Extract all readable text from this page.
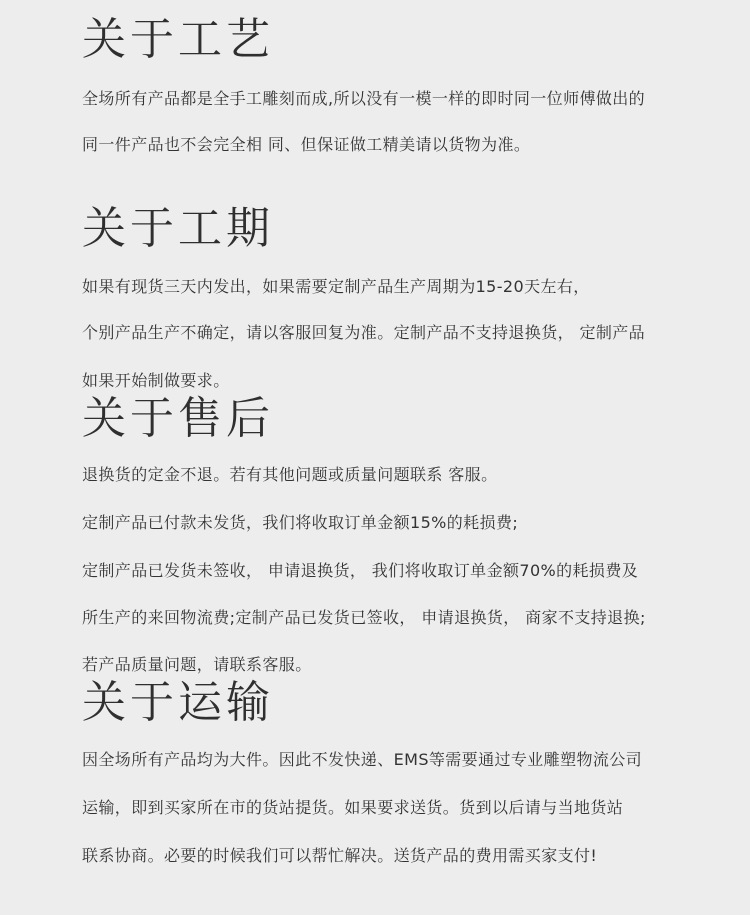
关于工艺

全场所有产品都是全手工雕刻而成,所以没有一模一样的即时同一位师傅做出的

同一件产品也不会完全相 同、但保证做工精美请以货物为准。

关于工期

如果有现货三天内发出，如果需要定制产品生产周期为15-20天左右，

个别产品生产不确定，请以客服回复为准。定制产品不支持退换货， 定制产品

如果开始制做要求。

关于售后

退换货的定金不退。若有其他问题或质量问题联系 客服。

定制产品已付款未发货，我们将收取订单金额15%的耗损费;

定制产品已发货未签收， 申请退换货， 我们将收取订单金额70%的耗损费及

所生产的来回物流费;定制产品已发货已签收， 申请退换货， 商家不支持退换;

若产品质量问题，请联系客服。

关于运输

因全场所有产品均为大件。因此不发快递、EMS等需要通过专业雕塑物流公司

运输，即到买家所在市的货站提货。如果要求送货。货到以后请与当地货站

联系协商。必要的时候我们可以帮忙解决。送货产品的费用需买家支付!
